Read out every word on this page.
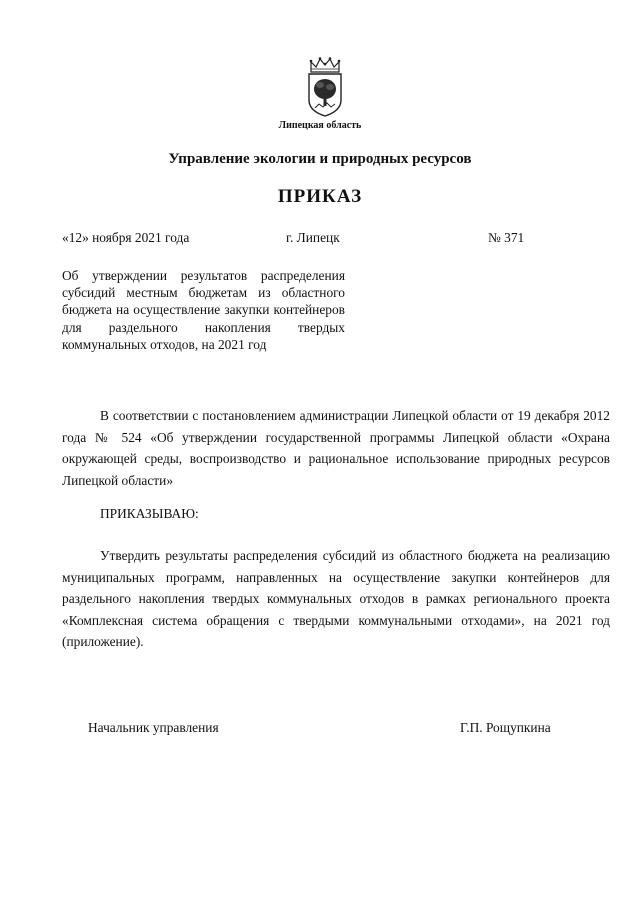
Липецкая область
Управление экологии и природных ресурсов
ПРИКАЗ
«12» ноября 2021 года	г. Липецк	№ 371
Об утверждении результатов распределения субсидий местным бюджетам из областного бюджета на осуществление закупки контейнеров для раздельного накопления твердых
коммунальных отходов, на 2021 год

В соответствии с постановлением администрации Липецкой области от 19 декабря 2012 года № 524 «Об утверждении государственной программы Липецкой области «Охрана окружающей среды, воспроизводство и рациональное использование природных ресурсов Липецкой области»

ПРИКАЗЫВАЮ:

Утвердить результаты распределения субсидий из областного бюджета на реализацию муниципальных программ, направленных на осуществление закупки контейнеров для раздельного накопления твердых коммунальных отходов в рамках регионального проекта «Комплексная система обращения с твердыми коммунальными отходами», на 2021 год (приложение).

Начальник управления	Г.П. Рощупкина
